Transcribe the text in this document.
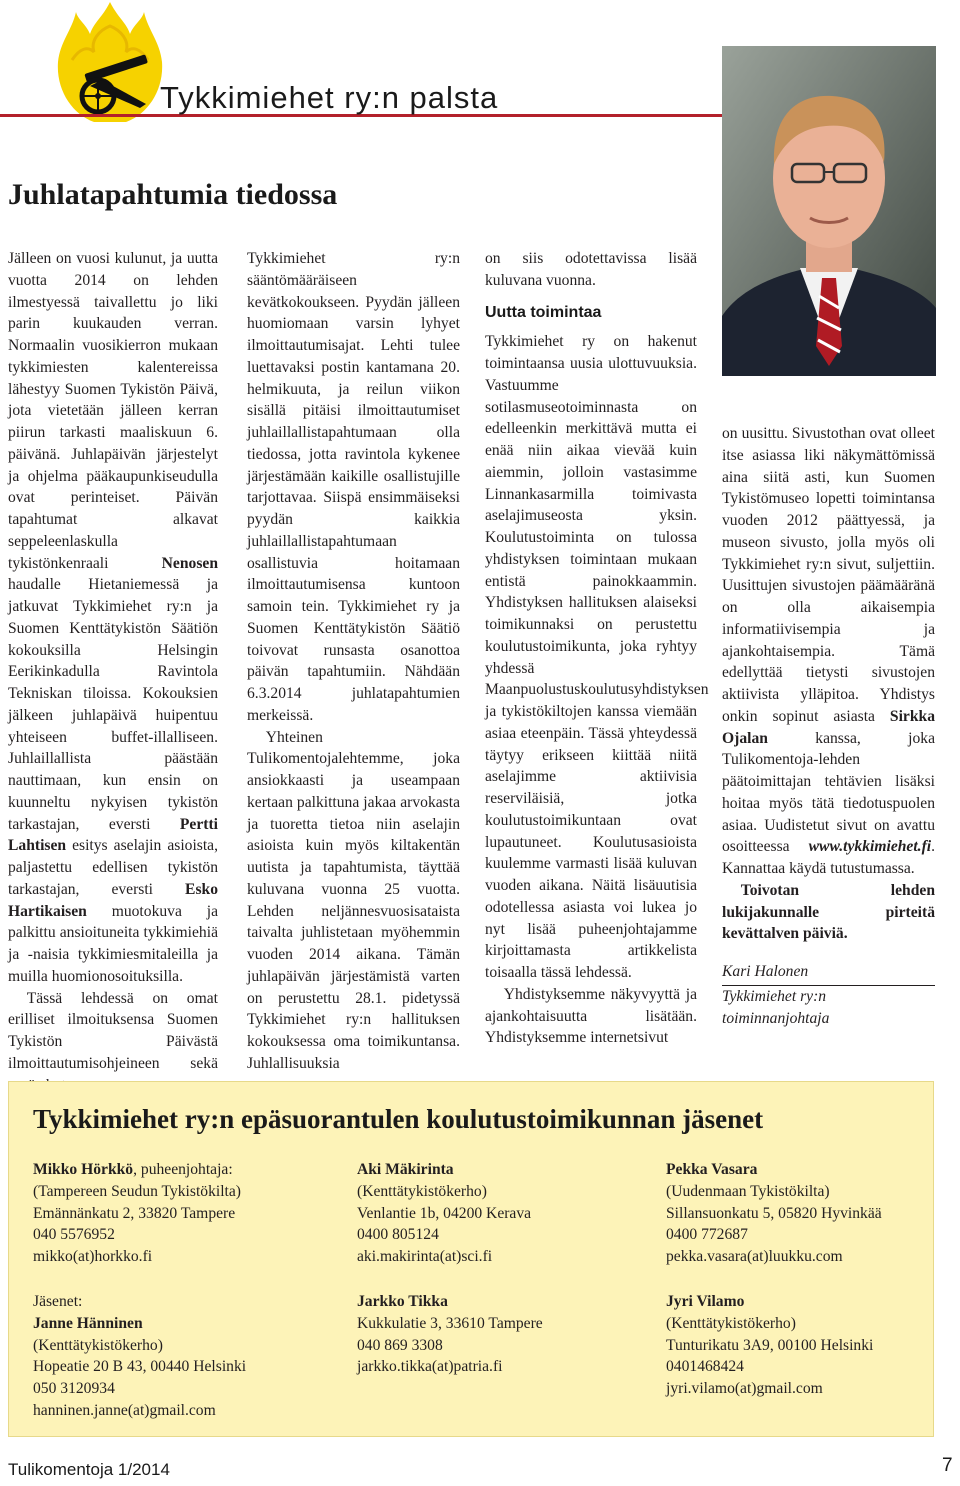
Tykkimiehet ry:n palsta
Juhlatapahtumia tiedossa

Jälleen on vuosi kulunut, ja uutta vuotta 2014 on lehden ilmestyessä taivallettu jo liki parin kuukauden verran. Normaalin vuosikierron mukaan tykkimiesten kalentereissa lähestyy Suomen Tykistön Päivä, jota vietetään jälleen kerran piirun tarkasti maaliskuun 6. päivänä. Juhlapäivän järjestelyt ja ohjelma pääkaupunkiseudulla ovat perinteiset. Päivän tapahtumat alkavat seppeleenlaskulla tykistönkenraali Nenosen haudalle Hietaniemessä ja jatkuvat Tykkimiehet ry:n ja Suomen Kenttätykistön Säätiön kokouksilla Helsingin Eerikinkadulla Ravintola Tekniskan tiloissa. Kokouksien jälkeen juhlapäivä huipentuu yhteiseen buffet-illalliseen. Juhlaillallista päästään nauttimaan, kun ensin on kuunneltu nykyisen tykistön tarkastajan, eversti Pertti Lahtisen esitys aselajin asioista, paljastettu edellisen tykistön tarkastajan, eversti Esko Hartikaisen muotokuva ja palkittu ansioituneita tykkimiehiä ja -naisia tykkimiesmitaleilla ja muilla huomionosoituksilla.

Tässä lehdessä on omat erilliset ilmoituksensa Suomen Tykistön Päivästä ilmoittautumisohjeineen sekä

Tykkimiehet ry:n sääntömääräiseen kevätkokoukseen. Pyydän jälleen huomiomaan varsin lyhyet ilmoittautumisajat. Lehti tulee luettavaksi postin kantamana 20. helmikuuta, ja reilun viikon sisällä pitäisi ilmoittautumiset juhlaillallistapahtumaan olla tiedossa, jotta ravintola kykenee järjestämään kaikille osallistujille tarjottavaa. Siispä ensimmäiseksi pyydän kaikkia juhlaillallistapahtumaan osallistuvia hoitamaan ilmoittautumisensa kuntoon samoin tein. Tykkimiehet ry ja Suomen Kenttätykistön Säätiö toivovat runsasta osanottoa päivän tapahtumiin. Nähdään 6.3.2014 juhlatapahtumien merkeissä.

Yhteinen Tulikomentojalehtemme, joka ansiokkaasti ja useampaan kertaan palkittuna jakaa arvokasta ja tuoretta tietoa niin aselajin asioista kuin myös kiltakentän uutista ja tapahtumista, täyttää kuluvana vuonna 25 vuotta. Lehden neljännesvuosisataista taivalta juhlistetaan myöhemmin vuoden 2014 aikana. Tämän juhlapäivän järjestämistä varten on perustettu 28.1. pidetyssä Tykkimiehet ry:n hallituksen kokouksessa oma toimikuntansa. Juhlallisuuksia

on siis odotettavissa lisää kuluvana vuonna.

Uutta toimintaa

Tykkimiehet ry on hakenut toimintaansa uusia ulottuvuuksia. Vastuumme sotilasmuseotoiminnasta on edelleenkin merkittävä mutta ei enää niin aikaa vievää kuin aiemmin, jolloin vastasimme Linnankasarmilla toimivasta aselajimuseosta yksin. Koulutustoiminta on tulossa yhdistyksen toimintaan mukaan entistä painokkaammin. Yhdistyksen hallituksen alaiseksi toimikunnaksi on perustettu koulutustoimikunta, joka ryhtyy yhdessä Maanpuolustuskoulutusyhdistyksen ja tykistökiltojen kanssa viemään asiaa eteenpäin. Tässä yhteydessä täytyy erikseen kiittää niitä aselajimme aktiivisia reserviläisiä, jotka koulutustoimikuntaan ovat lupautuneet. Koulutusasioista kuulemme varmasti lisää kuluvan vuoden aikana. Näitä lisäuutisia odotellessa asiasta voi lukea jo nyt lisää puheenjohtajamme kirjoittamasta artikkelista toisaalla tässä lehdessä.

Yhdistyksemme näkyvyyttä ja ajankohtaisuutta lisätään. Yhdistyksemme internetsivut

on uusittu. Sivustothan ovat olleet itse asiassa liki näkymättömissä aina siitä asti, kun Suomen Tykistömuseo lopetti toimintansa vuoden 2012 päättyessä, ja museon sivusto, jolla myös oli Tykkimiehet ry:n sivut, suljettiin. Uusittujen sivustojen päämääränä on olla aikaisempia informatiivisempia ja ajankohtaisempia. Tämä edellyttää tietysti sivustojen aktiivista ylläpitoa. Yhdistys onkin sopinut asiasta Sirkka Ojalan kanssa, joka Tulikomentoja-lehden päätoimittajan tehtävien lisäksi hoitaa myös tätä tiedotuspuolen asiaa. Uudistetut sivut on avattu osoitteessa www.tykkimiehet.fi. Kannattaa käydä tutustumassa.

Toivotan lehden lukijakunnalle pirteitä kevättalven päiviä.

Kari Halonen
Tykkimiehet ry:n toiminnanjohtaja
Tykkimiehet ry:n epäsuorantulen koulutustoimikunnan jäsenet
Mikko Hörkkö, puheenjohtaja:
(Tampereen Seudun Tykistökilta)
Emännänkatu 2, 33820 Tampere
040 5576952
mikko(at)horkko.fi
Aki Mäkirinta
(Kenttätykistökerho)
Venlantie 1b, 04200 Kerava
0400 805124
aki.makirinta(at)sci.fi
Pekka Vasara
(Uudenmaan Tykistökilta)
Sillansuonkatu 5, 05820 Hyvinkää
0400 772687
pekka.vasara(at)luukku.com
Jäsenet:
Janne Hänninen
(Kenttätykistökerho)
Hopeatie 20 B 43, 00440 Helsinki
050 3120934
hanninen.janne(at)gmail.com
Jarkko Tikka
Kukkulatie 3, 33610 Tampere
040 869 3308
jarkko.tikka(at)patria.fi
Jyri Vilamo
(Kenttätykistökerho)
Tunturikatu 3A9, 00100 Helsinki
0401468424
jyri.vilamo(at)gmail.com
Tulikomentoja 1/2014	7
